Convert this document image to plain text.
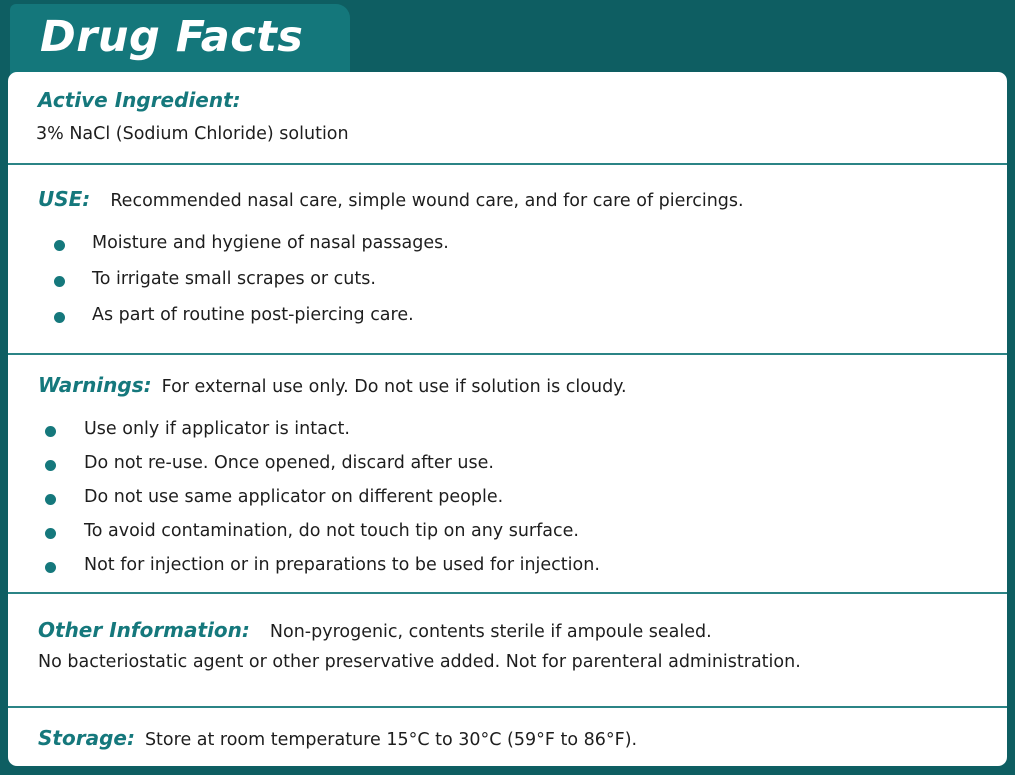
Drug Facts
Active Ingredient:
3% NaCl (Sodium Chloride) solution
USE: Recommended nasal care, simple wound care, and for care of piercings.
Moisture and hygiene of nasal passages.
To irrigate small scrapes or cuts.
As part of routine post-piercing care.
Warnings: For external use only. Do not use if solution is cloudy.
Use only if applicator is intact.
Do not re-use. Once opened, discard after use.
Do not use same applicator on different people.
To avoid contamination, do not touch tip on any surface.
Not for injection or in preparations to be used for injection.
Other Information: Non-pyrogenic, contents sterile if ampoule sealed.
No bacteriostatic agent or other preservative added. Not for parenteral administration.
Storage: Store at room temperature 15°C to 30°C (59°F to 86°F).
